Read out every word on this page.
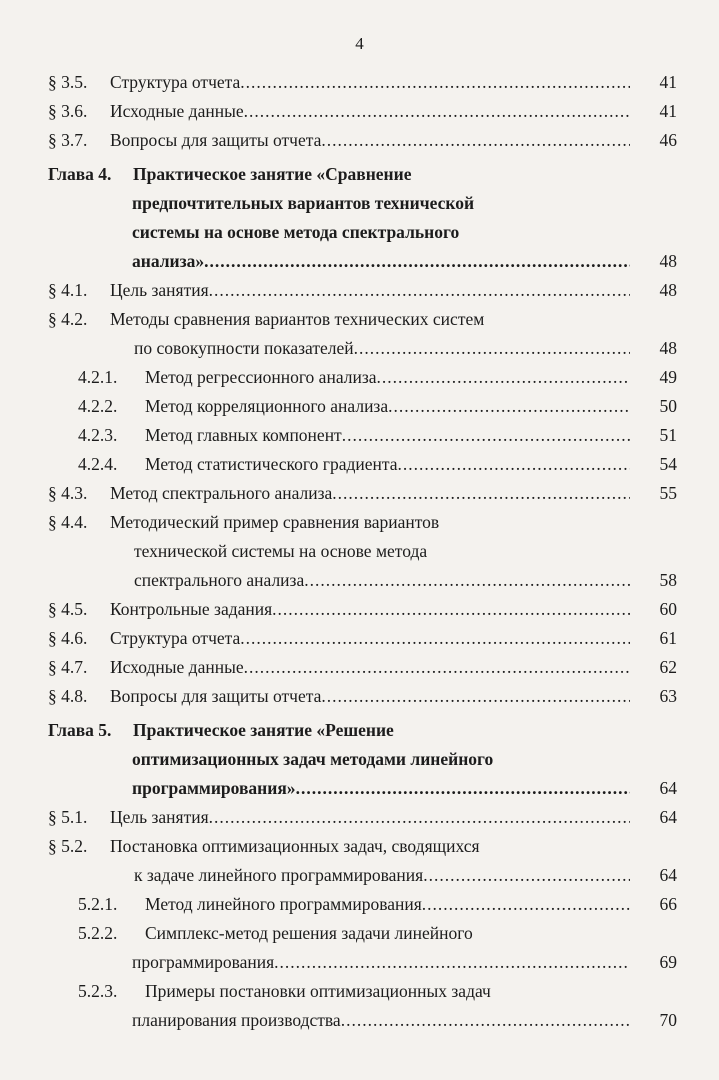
4
§ 3.5. Структура отчета .....	41
§ 3.6. Исходные данные .....	41
§ 3.7. Вопросы для защиты отчета .....	46
Глава 4. Практическое занятие «Сравнение
предпочтительных вариантов технической
системы на основе метода спектрального
анализа» .....	48
§ 4.1. Цель занятия .....	48
§ 4.2. Методы сравнения вариантов технических систем
по совокупности показателей .....	48
4.2.1. Метод регрессионного анализа .....	49
4.2.2. Метод корреляционного анализа .....	50
4.2.3. Метод главных компонент .....	51
4.2.4. Метод статистического градиента .....	54
§ 4.3. Метод спектрального анализа .....	55
§ 4.4. Методический пример сравнения вариантов
технической системы на основе метода
спектрального анализа .....	58
§ 4.5. Контрольные задания .....	60
§ 4.6. Структура отчета .....	61
§ 4.7. Исходные данные .....	62
§ 4.8. Вопросы для защиты отчета .....	63
Глава 5. Практическое занятие «Решение
оптимизационных задач методами линейного
программирования» .....	64
§ 5.1. Цель занятия .....	64
§ 5.2. Постановка оптимизационных задач, сводящихся
к задаче линейного программирования .....	64
5.2.1. Метод линейного программирования .....	66
5.2.2. Симплекс-метод решения задачи линейного
программирования .....	69
5.2.3. Примеры постановки оптимизационных задач
планирования производства .....	70
